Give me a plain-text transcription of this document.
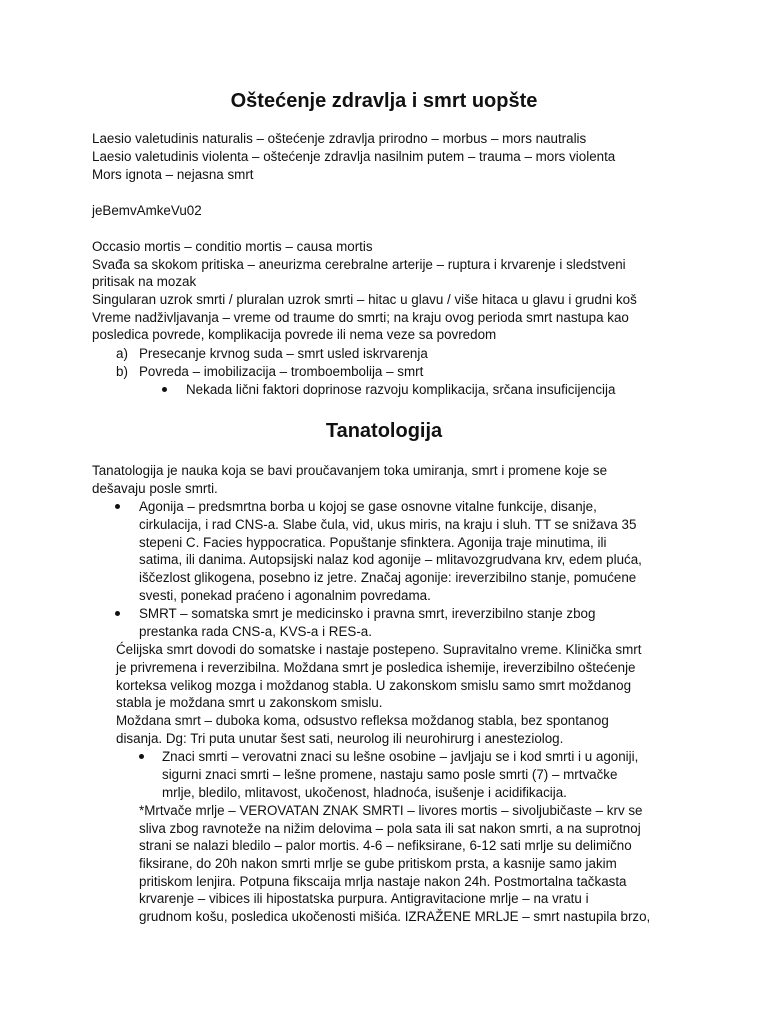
Oštećenje zdravlja i smrt uopšte
Laesio valetudinis naturalis – oštećenje zdravlja prirodno – morbus – mors nautralis
Laesio valetudinis violenta – oštećenje zdravlja nasilnim putem – trauma – mors violenta
Mors ignota – nejasna smrt
jeBemvAmkeVu02
Occasio mortis – conditio mortis – causa mortis
Svađa sa skokom pritiska – aneurizma cerebralne arterije – ruptura i krvarenje i sledstveni
pritisak na mozak
Singularan uzrok smrti / pluralan uzrok smrti – hitac u glavu / više hitaca u glavu i grudni koš
Vreme nadživljavanja – vreme od traume do smrti; na kraju ovog perioda smrt nastupa kao
posledica povrede, komplikacija povrede ili nema veze sa povredom
a) Presecanje krvnog suda – smrt usled iskrvarenja
b) Povreda – imobilizacija – tromboembolija – smrt
Nekada lični faktori doprinose razvoju komplikacija, srčana insuficijencija
Tanatologija
Tanatologija je nauka koja se bavi proučavanjem toka umiranja, smrt i promene koje se
dešavaju posle smrti.
Agonija – predsmrtna borba u kojoj se gase osnovne vitalne funkcije, disanje,
cirkulacija, i rad CNS-a. Slabe čula, vid, ukus miris, na kraju i sluh. TT se snižava 35
stepeni C. Facies hyppocratica. Popuštanje sfinktera. Agonija traje minutima, ili
satima, ili danima. Autopsijski nalaz kod agonije – mlitavozgrudvana krv, edem pluća,
iščezlost glikogena, posebno iz jetre. Značaj agonije: ireverzibilno stanje, pomućene
svesti, ponekad praćeno i agonalnim povredama.
SMRT – somatska smrt je medicinsko i pravna smrt, ireverzibilno stanje zbog
prestanka rada CNS-a, KVS-a i RES-a.
Ćelijska smrt dovodi do somatske i nastaje postepeno. Supravitalno vreme. Klinička smrt
je privremena i reverzibilna. Moždana smrt je posledica ishemije, ireverzibilno oštećenje
korteksa velikog mozga i moždanog stabla. U zakonskom smislu samo smrt moždanog
stabla je moždana smrt u zakonskom smislu.
Moždana smrt – duboka koma, odsustvo refleksa moždanog stabla, bez spontanog
disanja. Dg: Tri puta unutar šest sati, neurolog ili neurohirurg i anesteziolog.
Znaci smrti – verovatni znaci su lešne osobine – javljaju se i kod smrti i u agoniji,
sigurni znaci smrti – lešne promene, nastaju samo posle smrti (7) – mrtvačke
mrlje, bledilo, mlitavost, ukočenost, hladnoća, isušenje i acidifikacija.
*Mrtvače mrlje – VEROVATAN ZNAK SMRTI – livores mortis – sivoljubičaste – krv se
sliva zbog ravnoteže na nižim delovima – pola sata ili sat nakon smrti, a na suprotnoj
strani se nalazi bledilo – palor mortis. 4-6 – nefiksirane, 6-12 sati mrlje su delimično
fiksirane, do 20h nakon smrti mrlje se gube pritiskom prsta, a kasnije samo jakim
pritiskom lenjira. Potpuna fikscaija mrlja nastaje nakon 24h. Postmortalna tačkasta
krvarenje – vibices ili hipostatska purpura. Antigravitacione mrlje – na vratu i
grudnom košu, posledica ukočenosti mišića. IZRAŽENE MRLJE – smrt nastupila brzo,
